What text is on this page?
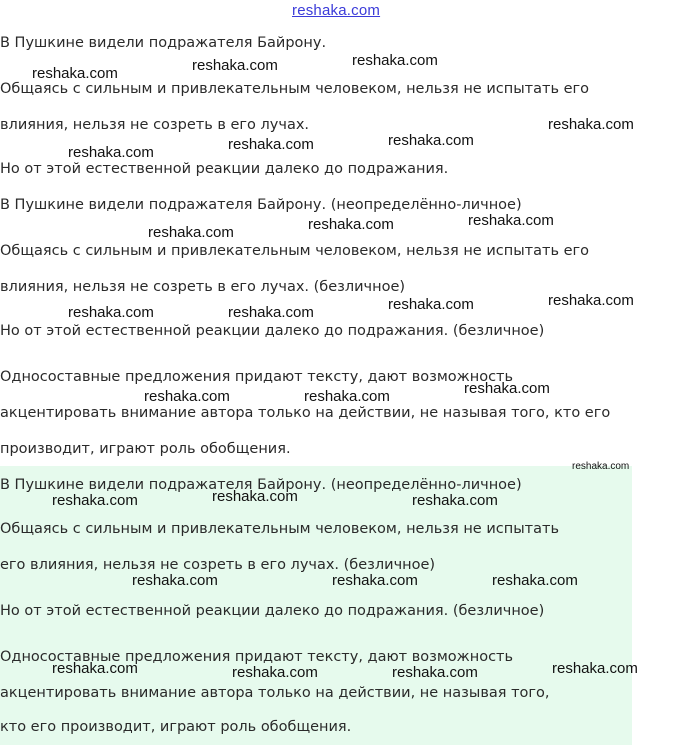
reshaka.com
В Пушкине видели подражателя Байрону.
Общаясь с сильным и привлекательным человеком, нельзя не испытать его
влияния, нельзя не созреть в его лучах.
Но от этой естественной реакции далеко до подражания.
В Пушкине видели подражателя Байрону. (неопределённо-личное)
Общаясь с сильным и привлекательным человеком, нельзя не испытать его
влияния, нельзя не созреть в его лучах. (безличное)
Но от этой естественной реакции далеко до подражания. (безличное)
Односоставные предложения придают тексту, дают возможность
акцентировать внимание автора только на действии, не называя того, кто его
производит, играют роль обобщения.
В Пушкине видели подражателя Байрону. (неопределённо-личное)
Общаясь с сильным и привлекательным человеком, нельзя не испытать
его влияния, нельзя не созреть в его лучах. (безличное)
Но от этой естественной реакции далеко до подражания. (безличное)
Односоставные предложения придают тексту, дают возможность
акцентировать внимание автора только на действии, не называя того,
кто его производит, играют роль обобщения.
reshaka.com
reshaka.com
reshaka.com
reshaka.com
reshaka.com
reshaka.com
reshaka.com
reshaka.com
reshaka.com
reshaka.com
reshaka.com
reshaka.com
reshaka.com	reshaka.com
reshaka.com
reshaka.com	reshaka.com
reshaka.com
reshaka.com
reshaka.com	reshaka.com
reshaka.com	reshaka.com	reshaka.com
reshaka.com	reshaka.com
reshaka.com	reshaka.com
